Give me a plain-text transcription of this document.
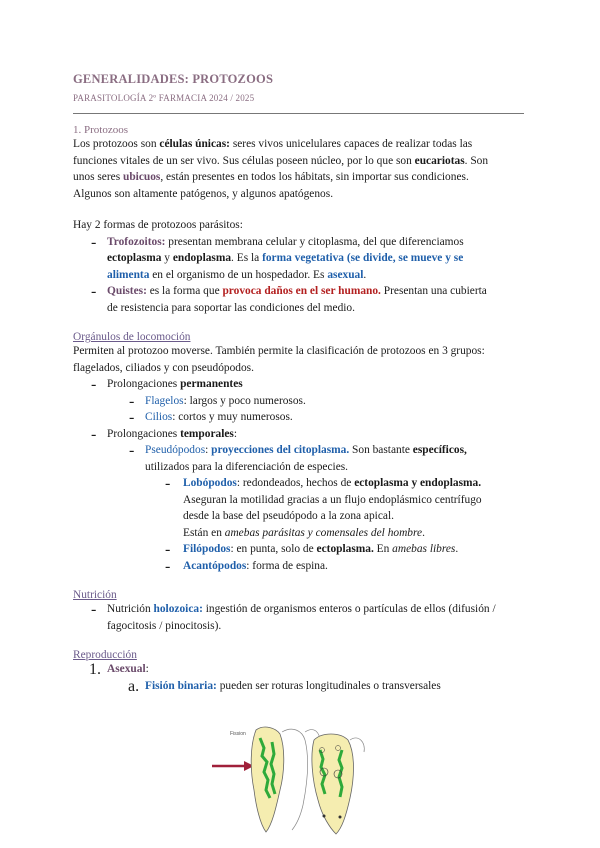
GENERALIDADES: PROTOZOOS
PARASITOLOGÍA 2º FARMACIA 2024 / 2025
1. Protozoos

Los protozoos son células únicas: seres vivos unicelulares capaces de realizar todas las
funciones vitales de un ser vivo. Sus células poseen núcleo, por lo que son eucariotas. Son
unos seres ubicuos, están presentes en todos los hábitats, sin importar sus condiciones.
Algunos son altamente patógenos, y algunos apatógenos.

Hay 2 formas de protozoos parásitos:

- Trofozoitos: presentan membrana celular y citoplasma, del que diferenciamos
ectoplasma y endoplasma. Es la forma vegetativa (se divide, se mueve y se
alimenta en el organismo de un hospedador. Es asexual.

- Quistes: es la forma que provoca daños en el ser humano. Presentan una cubierta
de resistencia para soportar las condiciones del medio.

Orgánulos de locomoción

Permiten al protozoo moverse. También permite la clasificación de protozoos en 3 grupos:
flagelados, ciliados y con pseudópodos.

- Prolongaciones permanentes

- Flagelos: largos y poco numerosos.

- Cilios: cortos y muy numerosos.

- Prolongaciones temporales:

- Pseudópodos: proyecciones del citoplasma. Son bastante específicos,
utilizados para la diferenciación de especies.

- Lobópodos: redondeados, hechos de ectoplasma y endoplasma.
Aseguran la motilidad gracias a un flujo endoplásmico centrífugo
desde la base del pseudópodo a la zona apical.
Están en amebas parásitas y comensales del hombre.

- Filópodos: en punta, solo de ectoplasma. En amebas libres.

- Acantópodos: forma de espina.

Nutrición
- Nutrición holozoica: ingestión de organismos enteros o partículas de ellos (difusión /
fagocitosis / pinocitosis).

Reproducción
1. Asexual:

a. Fisión binaria: pueden ser roturas longitudinales o transversales

Fission
